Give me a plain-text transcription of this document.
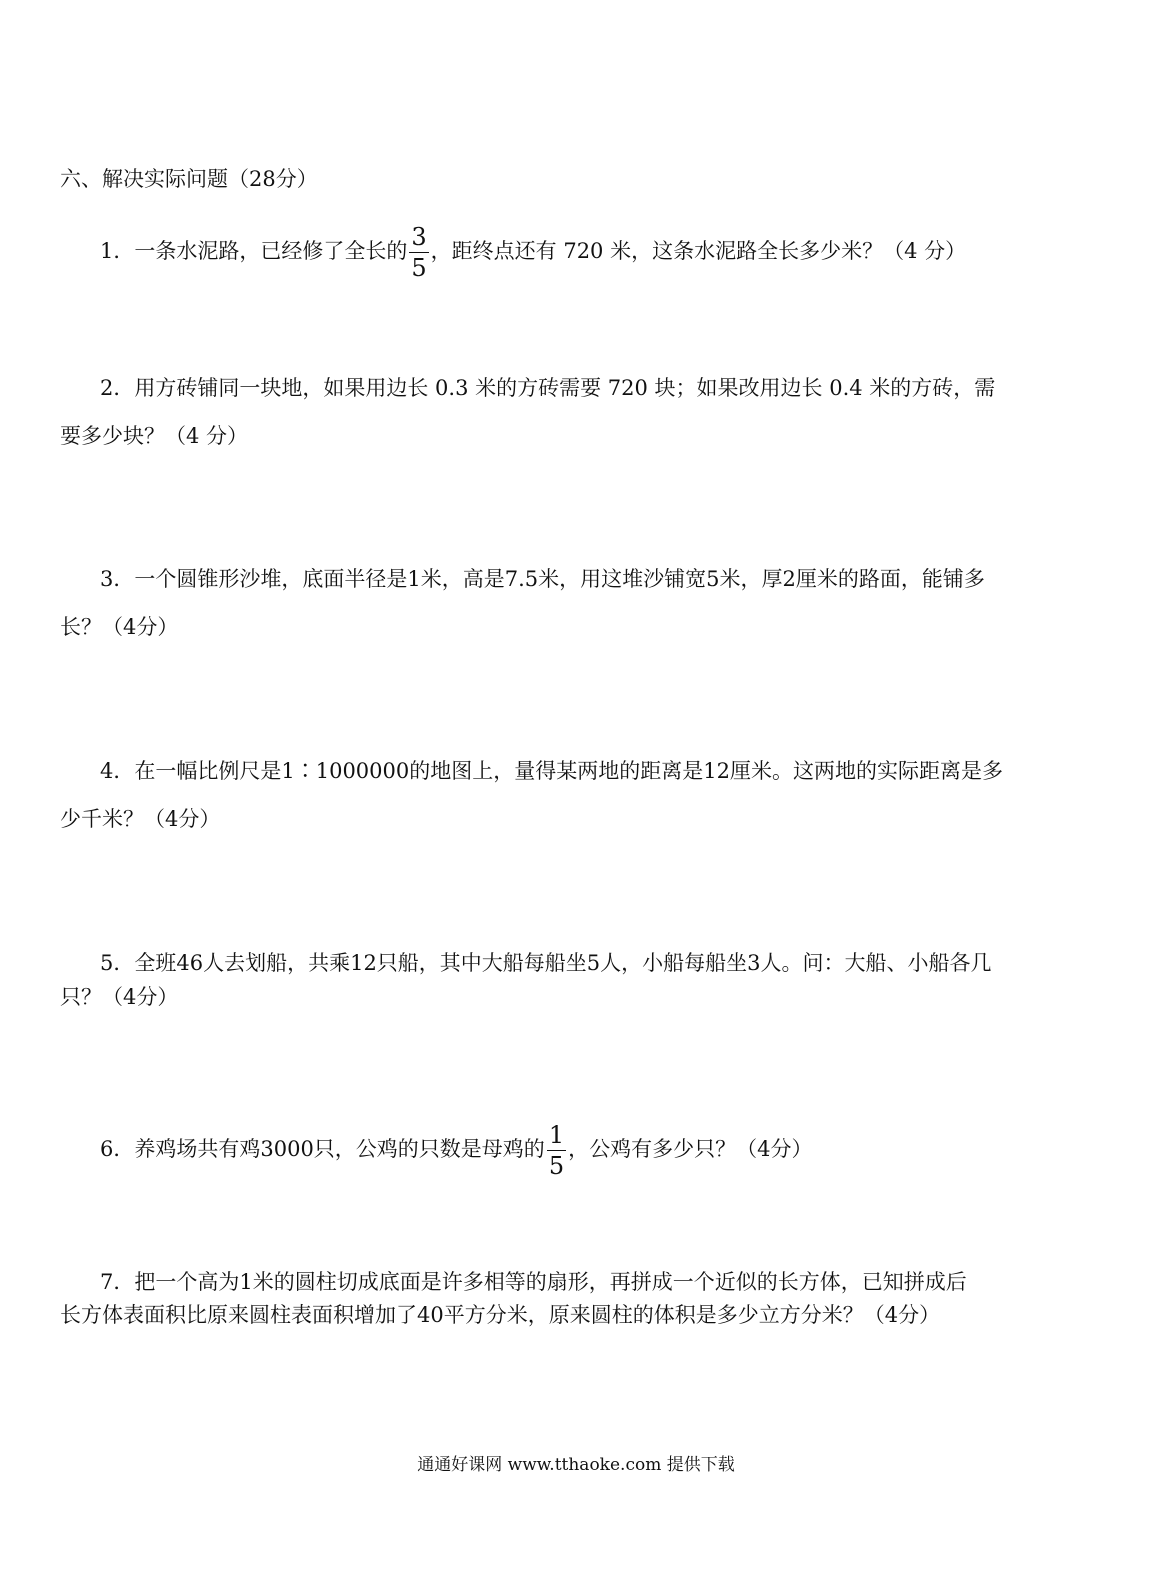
六、解决实际问题（28分）
1．一条水泥路，已经修了全长的 $\frac{3}{5}$ ，距终点还有 720 米，这条水泥路全长多少米？（4 分）
2．用方砖铺同一块地，如果用边长 0.3 米的方砖需要 720 块；如果改用边长 0.4 米的方砖，需
要多少块？（4 分）
3．一个圆锥形沙堆，底面半径是1米，高是7.5米，用这堆沙铺宽5米，厚2厘米的路面，能铺多
长？（4分）
4．在一幅比例尺是1∶1000000的地图上，量得某两地的距离是12厘米。这两地的实际距离是多
少千米？（4分）
5．全班46人去划船，共乘12只船，其中大船每船坐5人，小船每船坐3人。问：大船、小船各几
只？（4分）
6．养鸡场共有鸡3000只，公鸡的只数是母鸡的 $\frac{1}{5}$ ，公鸡有多少只？（4分）
7．把一个高为1米的圆柱切成底面是许多相等的扇形，再拼成一个近似的长方体，已知拼成后
长方体表面积比原来圆柱表面积增加了40平方分米，原来圆柱的体积是多少立方分米？（4分）
通通好课网 www.tthaoke.com 提供下载
